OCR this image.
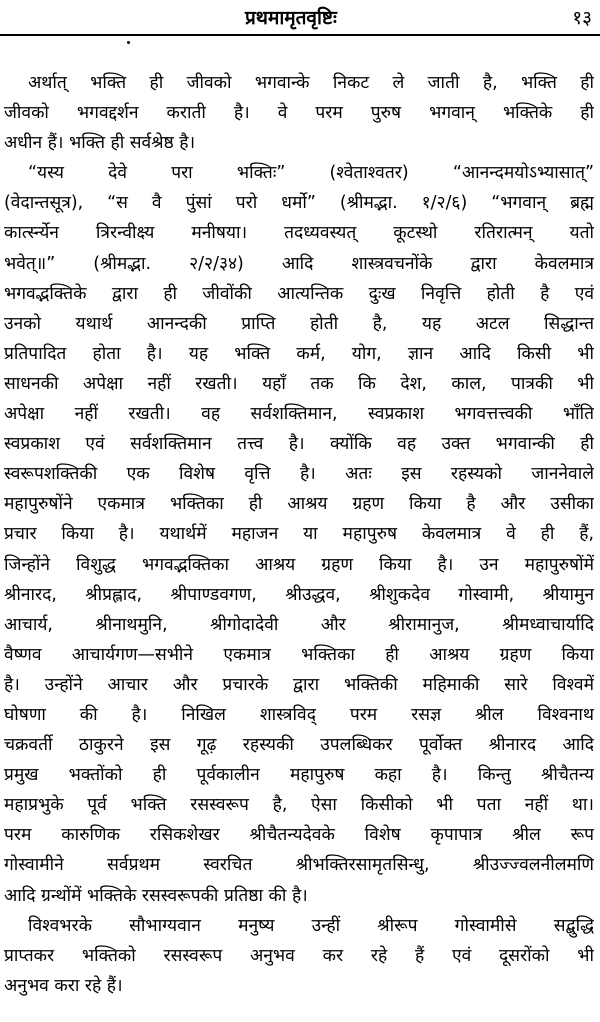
प्रथमामृतवृष्टिः	१३
अर्थात् भक्ति ही जीवको भगवान्के निकट ले जाती है, भक्ति ही
जीवको भगवद्दर्शन कराती है। वे परम पुरुष भगवान् भक्तिके ही
अधीन हैं। भक्ति ही सर्वश्रेष्ठ है।
“यस्य देवे परा भक्तिः” (श्वेताश्वतर) “आनन्दमयोऽभ्यासात्”
(वेदान्तसूत्र), “स वै पुंसां परो धर्मो” (श्रीमद्भा. १/२/६) “भगवान् ब्रह्म
कार्त्स्न्येन त्रिरन्वीक्ष्य मनीषया। तदध्यवस्यत् कूटस्थो रतिरात्मन् यतो
भवेत्॥” (श्रीमद्भा. २/२/३४) आदि शास्त्रवचनोंके द्वारा केवलमात्र
भगवद्भक्तिके द्वारा ही जीवोंकी आत्यन्तिक दुःख निवृत्ति होती है एवं
उनको यथार्थ आनन्दकी प्राप्ति होती है, यह अटल सिद्धान्त
प्रतिपादित होता है। यह भक्ति कर्म, योग, ज्ञान आदि किसी भी
साधनकी अपेक्षा नहीं रखती। यहाँ तक कि देश, काल, पात्रकी भी
अपेक्षा नहीं रखती। वह सर्वशक्तिमान, स्वप्रकाश भगवत्तत्त्वकी भाँति
स्वप्रकाश एवं सर्वशक्तिमान तत्त्व है। क्योंकि वह उक्त भगवान्की ही
स्वरूपशक्तिकी एक विशेष वृत्ति है। अतः इस रहस्यको जाननेवाले
महापुरुषोंने एकमात्र भक्तिका ही आश्रय ग्रहण किया है और उसीका
प्रचार किया है। यथार्थमें महाजन या महापुरुष केवलमात्र वे ही हैं,
जिन्होंने विशुद्ध भगवद्भक्तिका आश्रय ग्रहण किया है। उन महापुरुषोंमें
श्रीनारद, श्रीप्रह्लाद, श्रीपाण्डवगण, श्रीउद्धव, श्रीशुकदेव गोस्वामी, श्रीयामुन
आचार्य, श्रीनाथमुनि, श्रीगोदादेवी और श्रीरामानुज, श्रीमध्वाचार्यादि
वैष्णव आचार्यगण—सभीने एकमात्र भक्तिका ही आश्रय ग्रहण किया
है। उन्होंने आचार और प्रचारके द्वारा भक्तिकी महिमाकी सारे विश्वमें
घोषणा की है। निखिल शास्त्रविद् परम रसज्ञ श्रील विश्वनाथ
चक्रवर्ती ठाकुरने इस गूढ़ रहस्यकी उपलब्धिकर पूर्वोक्त श्रीनारद आदि
प्रमुख भक्तोंको ही पूर्वकालीन महापुरुष कहा है। किन्तु श्रीचैतन्य
महाप्रभुके पूर्व भक्ति रसस्वरूप है, ऐसा किसीको भी पता नहीं था।
परम कारुणिक रसिकशेखर श्रीचैतन्यदेवके विशेष कृपापात्र श्रील रूप
गोस्वामीने सर्वप्रथम स्वरचित श्रीभक्तिरसामृतसिन्धु, श्रीउज्ज्वलनीलमणि
आदि ग्रन्थोंमें भक्तिके रसस्वरूपकी प्रतिष्ठा की है।
विश्वभरके सौभाग्यवान मनुष्य उन्हीं श्रीरूप गोस्वामीसे सद्बुद्धि
प्राप्तकर भक्तिको रसस्वरूप अनुभव कर रहे हैं एवं दूसरोंको भी
अनुभव करा रहे हैं।
